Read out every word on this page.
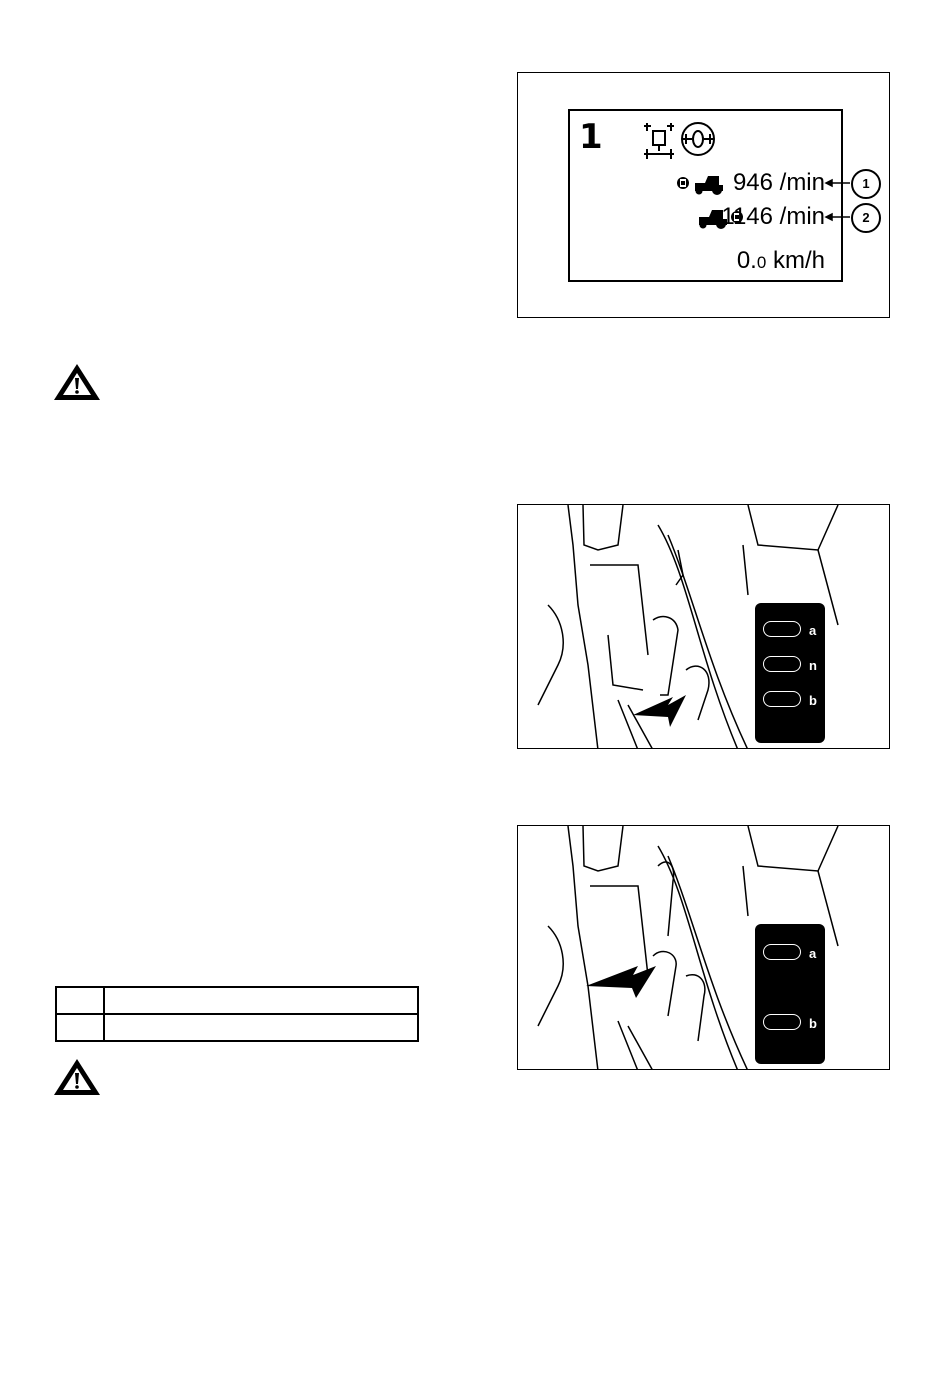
1
946 /min
1146 /min
0.0 km/h
1
2
a
n
b
a
b
